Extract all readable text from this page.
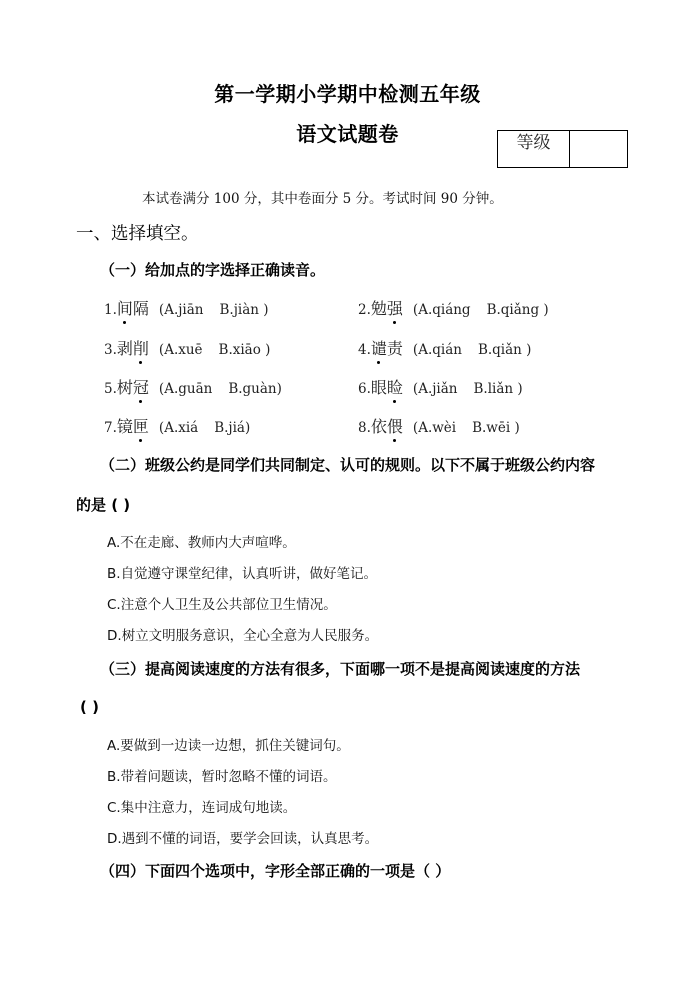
第一学期小学期中检测五年级
语文试题卷	等级
本试卷满分 100 分，其中卷面分 5 分。考试时间 90 分钟。
一、选择填空。
（一）给加点的字选择正确读音。
1. 间隔 (A.jiān B.jiàn )	2. 勉强 (A.qiáng B.qiǎng )
3. 剥削 (A.xuē B.xiāo )	4. 谴责 (A.qián B.qiǎn )
5. 树冠 (A.guān B.guàn)	6. 眼睑 (A.jiǎn B.liǎn )
7. 镜匣 (A.xiá B.jiá)	8. 依偎 (A.wèi B.wēi )
（二）班级公约是同学们共同制定、认可的规则。以下不属于班级公约内容
的是 ( )
A.不在走廊、教师内大声喧哗。
B.自觉遵守课堂纪律，认真听讲，做好笔记。
C.注意个人卫生及公共部位卫生情况。
D.树立文明服务意识，全心全意为人民服务。
（三）提高阅读速度的方法有很多，下面哪一项不是提高阅读速度的方法
( )
A.要做到一边读一边想，抓住关键词句。
B.带着问题读，暂时忽略不懂的词语。
C.集中注意力，连词成句地读。
D.遇到不懂的词语，要学会回读，认真思考。
（四）下面四个选项中，字形全部正确的一项是（ ）
